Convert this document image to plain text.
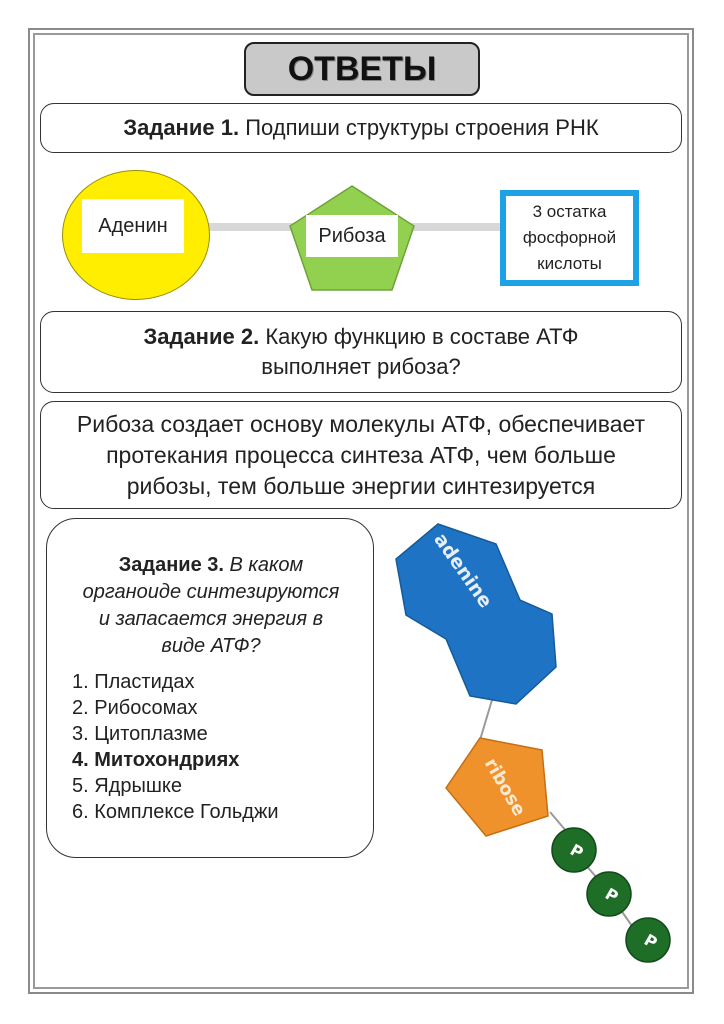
ОТВЕТЫ
Задание 1. Подпиши структуры строения РНК
Аденин	Рибоза
3 остатка
фосфорной
кислоты
Задание 2. Какую функцию в составе АТФ
выполняет рибоза?
Рибоза создает основу молекулы АТФ, обеспечивает
протекания процесса синтеза АТФ, чем больше
рибозы, тем больше энергии синтезируется
Задание 3. В каком
органоиде синтезируются
и запасается энергия в
виде АТФ?
1. Пластидах
2. Рибосомах
3. Цитоплазме
4. Митохондриях
5. Ядрышке
6. Комплексе Гольджи
adenine
ribose
P
P
P
